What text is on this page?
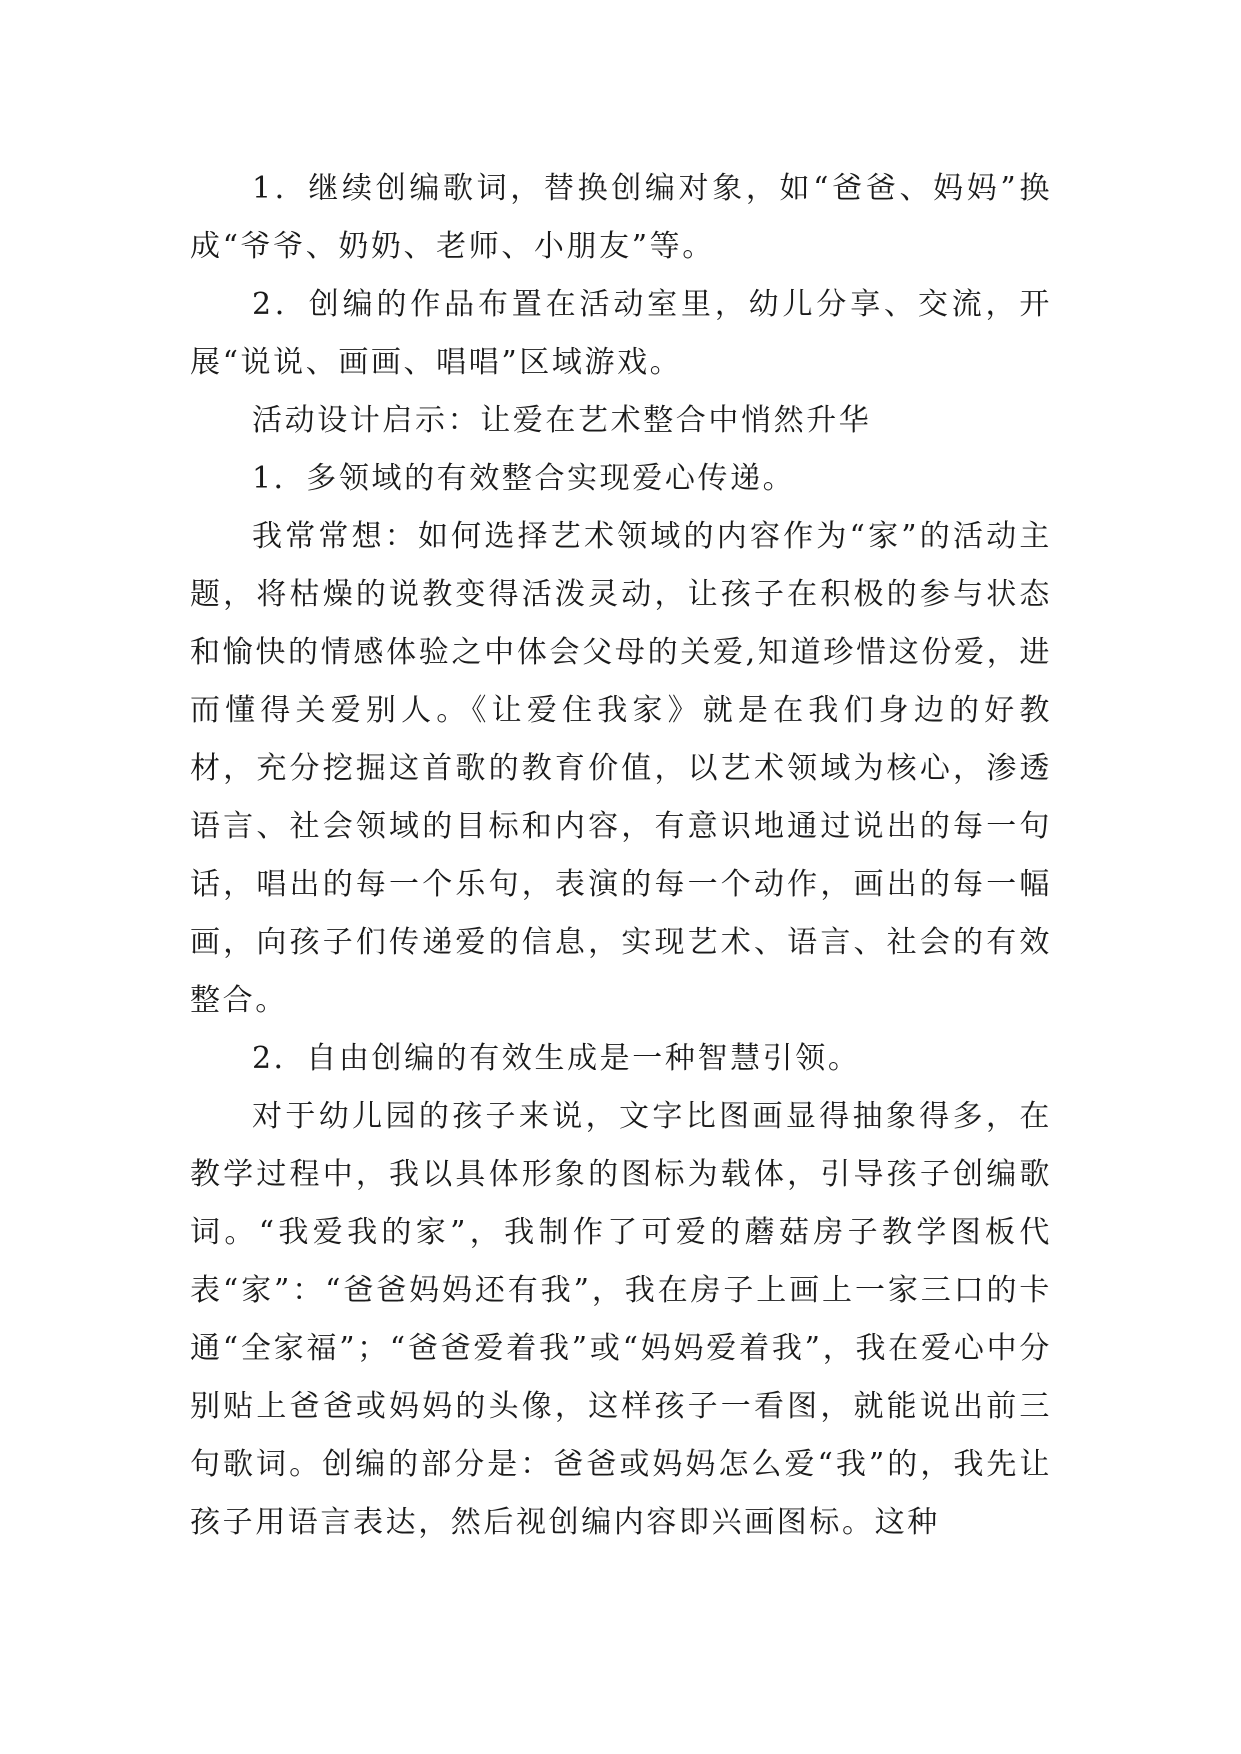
1．继续创编歌词，替换创编对象，如“爸爸、妈妈”换成“爷爷、奶奶、老师、小朋友”等。

2．创编的作品布置在活动室里，幼儿分享、交流，开展“说说、画画、唱唱”区域游戏。

活动设计启示：让爱在艺术整合中悄然升华

1．多领域的有效整合实现爱心传递。

我常常想：如何选择艺术领域的内容作为“家”的活动主题，将枯燥的说教变得活泼灵动，让孩子在积极的参与状态和愉快的情感体验之中体会父母的关爱,知道珍惜这份爱，进而懂得关爱别人。《让爱住我家》就是在我们身边的好教材，充分挖掘这首歌的教育价值，以艺术领域为核心，渗透语言、社会领域的目标和内容，有意识地通过说出的每一句话，唱出的每一个乐句，表演的每一个动作，画出的每一幅画，向孩子们传递爱的信息，实现艺术、语言、社会的有效整合。

2．自由创编的有效生成是一种智慧引领。

对于幼儿园的孩子来说，文字比图画显得抽象得多，在教学过程中，我以具体形象的图标为载体，引导孩子创编歌词。“我爱我的家”，我制作了可爱的蘑菇房子教学图板代表“家”：“爸爸妈妈还有我”，我在房子上画上一家三口的卡通“全家福”；“爸爸爱着我”或“妈妈爱着我”，我在爱心中分别贴上爸爸或妈妈的头像，这样孩子一看图，就能说出前三句歌词。创编的部分是：爸爸或妈妈怎么爱“我”的，我先让孩子用语言表达，然后视创编内容即兴画图标。这种
